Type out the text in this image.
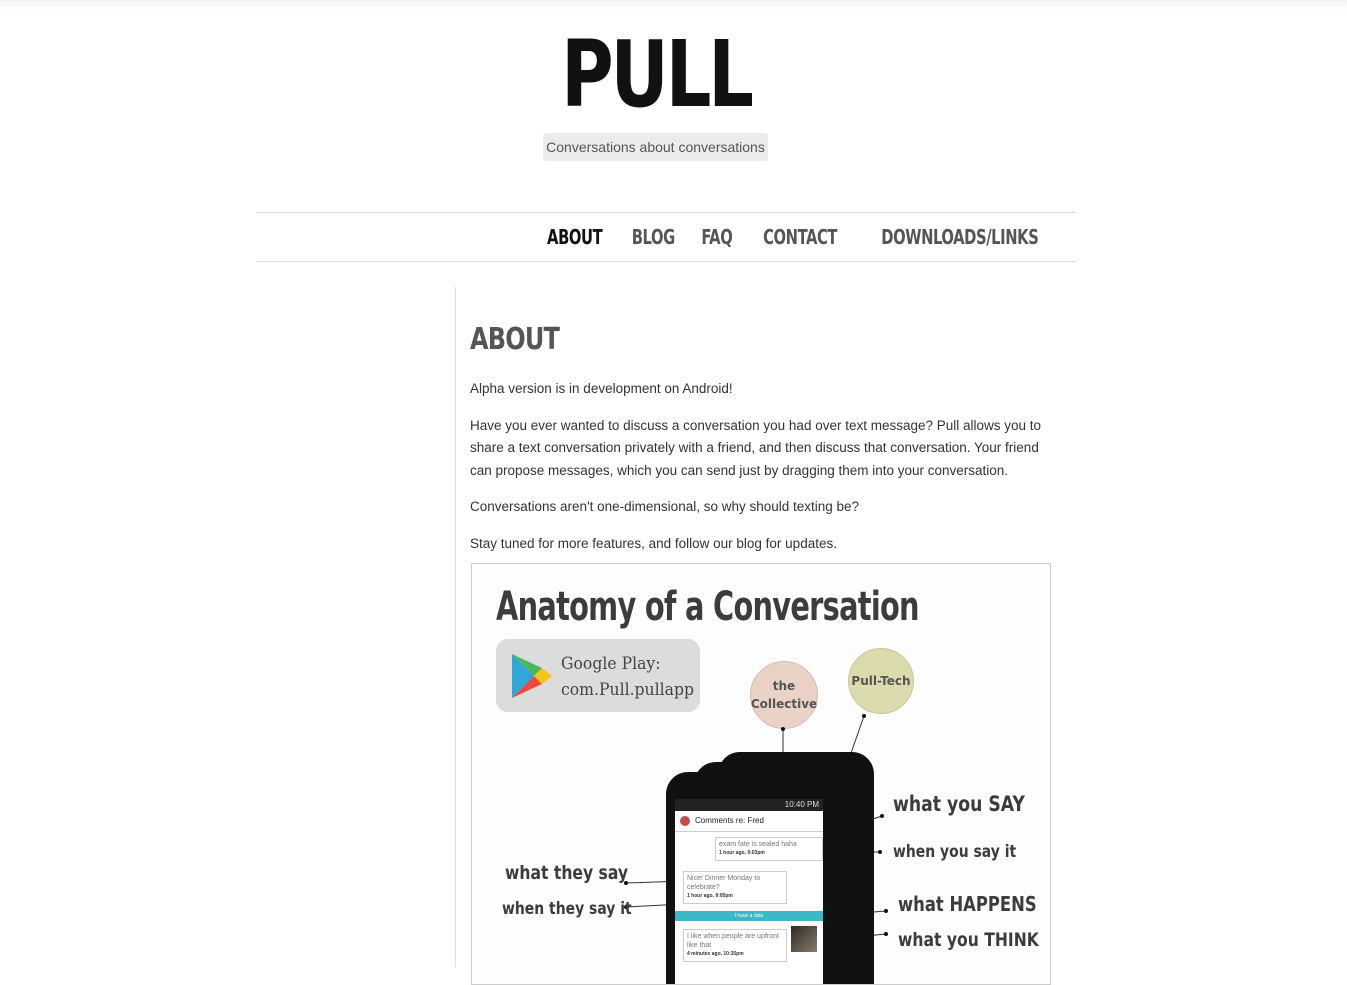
PULL
Conversations about conversations
ABOUT BLOG FAQ CONTACT DOWNLOADS/LINKS
ABOUT

Alpha version is in development on Android!

Have you ever wanted to discuss a conversation you had over text message? Pull allows you to share a text conversation privately with a friend, and then discuss that conversation. Your friend can propose messages, which you can send just by dragging them into your conversation.

Conversations aren't one-dimensional, so why should texting be?

Stay tuned for more features, and follow our blog for updates.

Anatomy of a Conversation
Google Play:
com.Pull.pullapp	the
Collective
Pull-Tech
10:40 PM
Comments re: Fred
exam fate is sealed haha
1 hour ago, 9:03pm
Nice! Dinner Monday to celebrate?
1 hour ago, 9:05pm
I have a date
I like when people are upfront like that
4 minutes ago, 10:35pm
what you SAY
when you say it
what they say
when they say it	what HAPPENS
what you THINK
